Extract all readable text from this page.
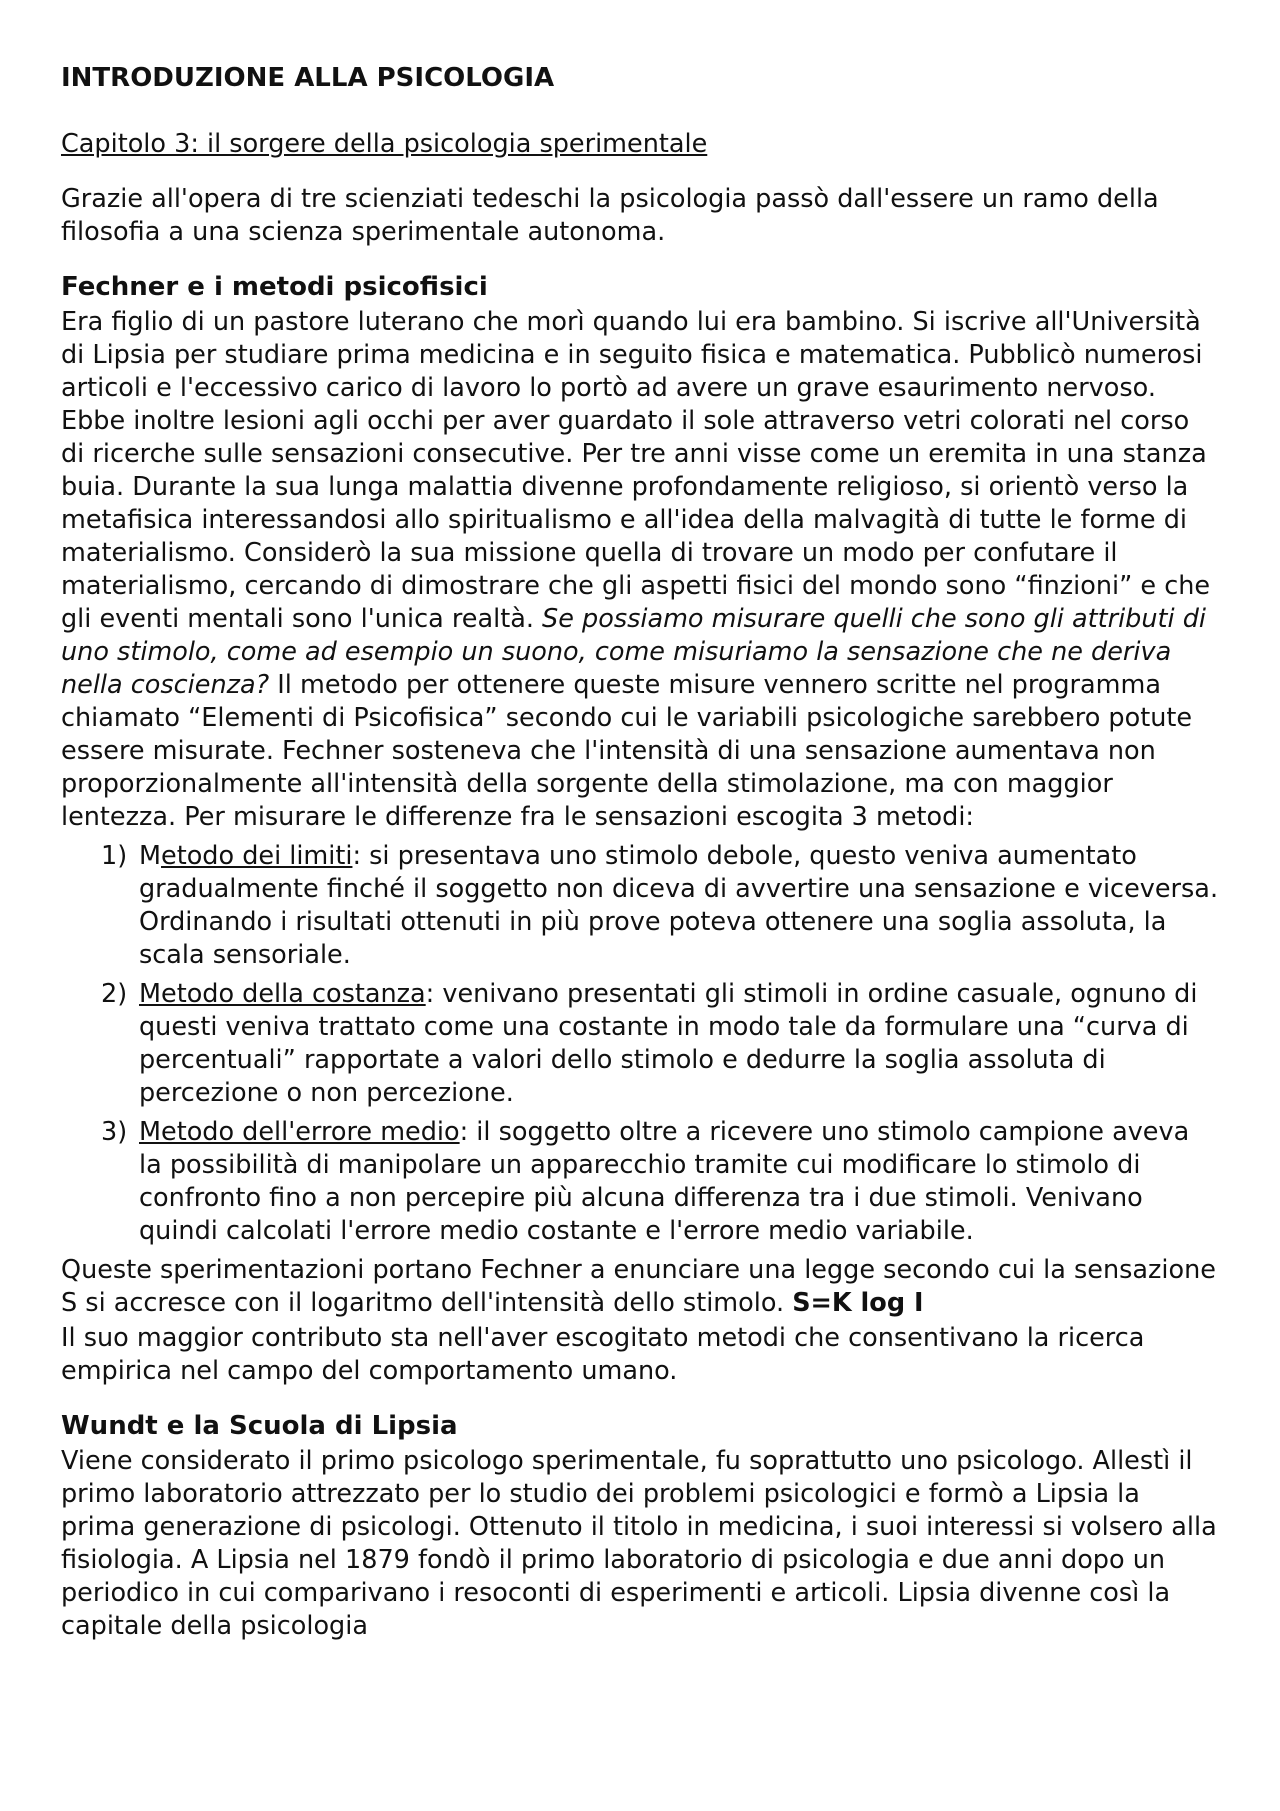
INTRODUZIONE ALLA PSICOLOGIA

Capitolo 3: il sorgere della psicologia sperimentale

Grazie all'opera di tre scienziati tedeschi la psicologia passò dall'essere un ramo della filosofia a una scienza sperimentale autonoma.

Fechner e i metodi psicofisici

Era figlio di un pastore luterano che morì quando lui era bambino. Si iscrive all'Università di Lipsia per studiare prima medicina e in seguito fisica e matematica. Pubblicò numerosi articoli e l'eccessivo carico di lavoro lo portò ad avere un grave esaurimento nervoso. Ebbe inoltre lesioni agli occhi per aver guardato il sole attraverso vetri colorati nel corso di ricerche sulle sensazioni consecutive. Per tre anni visse come un eremita in una stanza buia. Durante la sua lunga malattia divenne profondamente religioso, si orientò verso la metafisica interessandosi allo spiritualismo e all'idea della malvagità di tutte le forme di materialismo. Considerò la sua missione quella di trovare un modo per confutare il materialismo, cercando di dimostrare che gli aspetti fisici del mondo sono “finzioni” e che gli eventi mentali sono l'unica realtà. Se possiamo misurare quelli che sono gli attributi di uno stimolo, come ad esempio un suono, come misuriamo la sensazione che ne deriva nella coscienza? Il metodo per ottenere queste misure vennero scritte nel programma chiamato “Elementi di Psicofisica” secondo cui le variabili psicologiche sarebbero potute essere misurate. Fechner sosteneva che l'intensità di una sensazione aumentava non proporzionalmente all'intensità della sorgente della stimolazione, ma con maggior lentezza. Per misurare le differenze fra le sensazioni escogita 3 metodi:

1) Metodo dei limiti: si presentava uno stimolo debole, questo veniva aumentato gradualmente finché il soggetto non diceva di avvertire una sensazione e viceversa. Ordinando i risultati ottenuti in più prove poteva ottenere una soglia assoluta, la scala sensoriale.
2) Metodo della costanza: venivano presentati gli stimoli in ordine casuale, ognuno di questi veniva trattato come una costante in modo tale da formulare una “curva di percentuali” rapportate a valori dello stimolo e dedurre la soglia assoluta di percezione o non percezione.
3) Metodo dell'errore medio: il soggetto oltre a ricevere uno stimolo campione aveva la possibilità di manipolare un apparecchio tramite cui modificare lo stimolo di confronto fino a non percepire più alcuna differenza tra i due stimoli. Venivano quindi calcolati l'errore medio costante e l'errore medio variabile.

Queste sperimentazioni portano Fechner a enunciare una legge secondo cui la sensazione S si accresce con il logaritmo dell'intensità dello stimolo. S=K log I

Il suo maggior contributo sta nell'aver escogitato metodi che consentivano la ricerca empirica nel campo del comportamento umano.

Wundt e la Scuola di Lipsia

Viene considerato il primo psicologo sperimentale, fu soprattutto uno psicologo. Allestì il primo laboratorio attrezzato per lo studio dei problemi psicologici e formò a Lipsia la prima generazione di psicologi. Ottenuto il titolo in medicina, i suoi interessi si volsero alla fisiologia. A Lipsia nel 1879 fondò il primo laboratorio di psicologia e due anni dopo un periodico in cui comparivano i resoconti di esperimenti e articoli. Lipsia divenne così la capitale della psicologia
